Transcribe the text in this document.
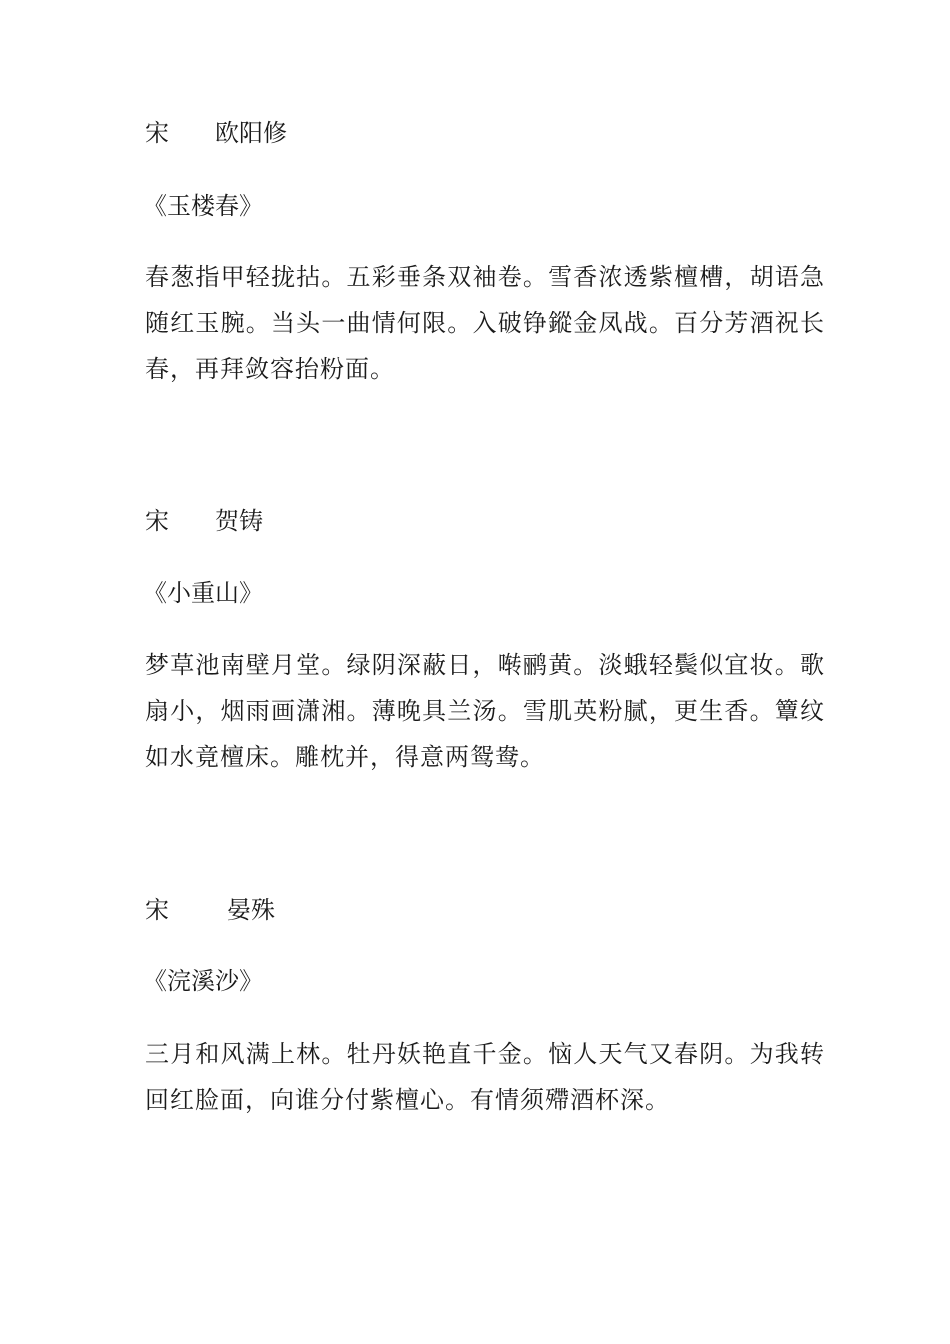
宋 欧阳修

《玉楼春》

春葱指甲轻拢拈。五彩垂条双袖卷。雪香浓透紫檀槽，胡语急随红玉腕。当头一曲情何限。入破铮鏦金凤战。百分芳酒祝长春，再拜敛容抬粉面。

宋 贺铸

《小重山》

梦草池南壁月堂。绿阴深蔽日，啭鹂黄。淡蛾轻鬓似宜妆。歌扇小，烟雨画潇湘。薄晚具兰汤。雪肌英粉腻，更生香。簟纹如水竟檀床。雕枕并，得意两鸳鸯。

宋 晏殊

《浣溪沙》

三月和风满上林。牡丹妖艳直千金。恼人天气又春阴。为我转回红脸面，向谁分付紫檀心。有情须殢酒杯深。
